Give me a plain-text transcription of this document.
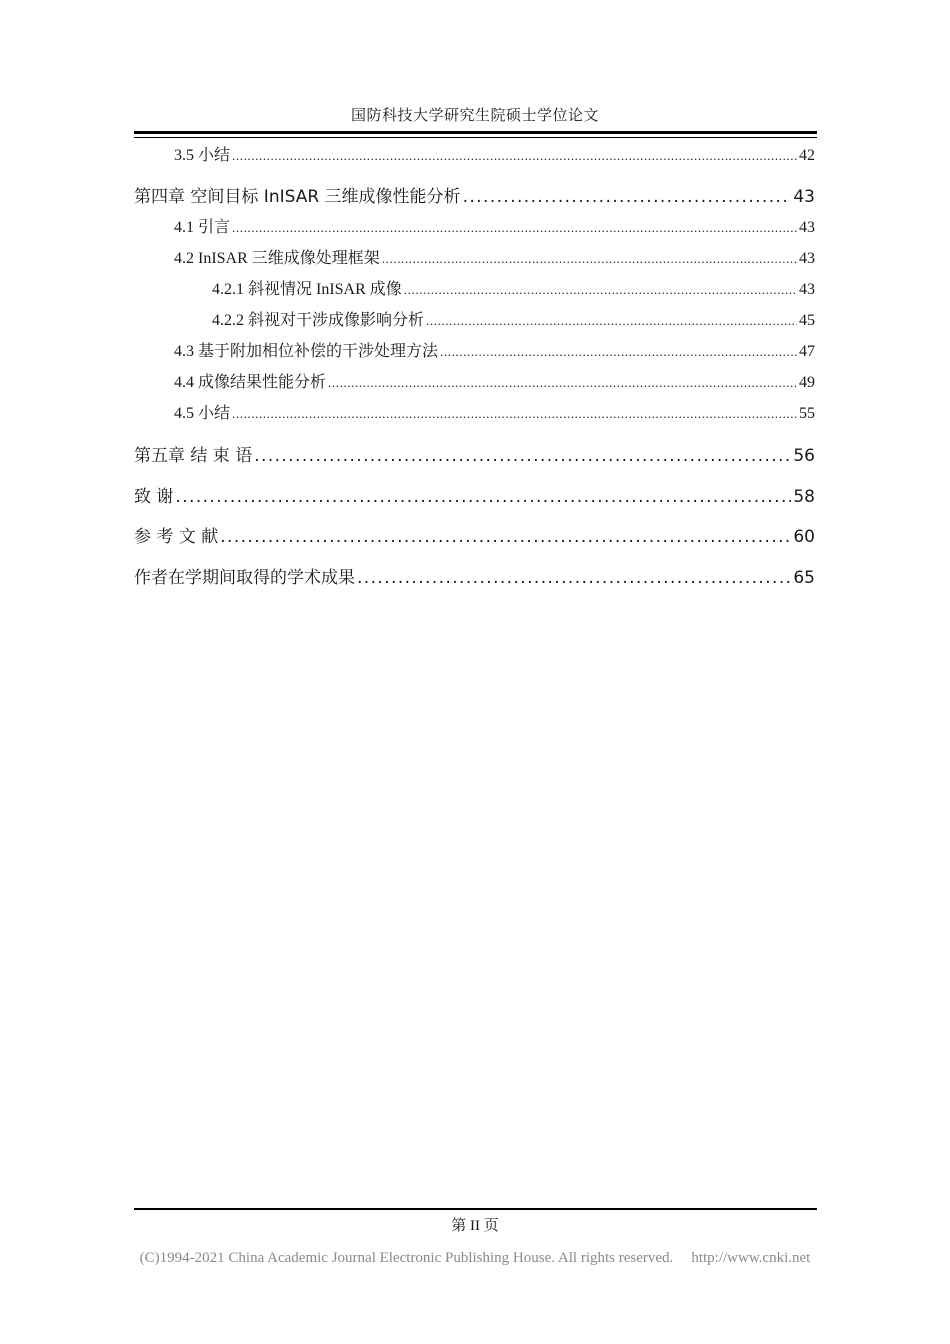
国防科技大学研究生院硕士学位论文
3.5 小结 .....	42
第四章 空间目标 InISAR 三维成像性能分析 .....	43
4.1 引言 .....	43
4.2 InISAR 三维成像处理框架 .....	43
4.2.1 斜视情况 InISAR 成像 .....	43
4.2.2 斜视对干涉成像影响分析 .....	45
4.3 基于附加相位补偿的干涉处理方法 .....	47
4.4 成像结果性能分析 .....	49
4.5 小结 .....	55
第五章 结 束 语 .....	56
致 谢 .....	58
参 考 文 献 .....	60
作者在学期间取得的学术成果 .....	65
第 II 页
(C)1994-2021 China Academic Journal Electronic Publishing House. All rights reserved. http://www.cnki.net
